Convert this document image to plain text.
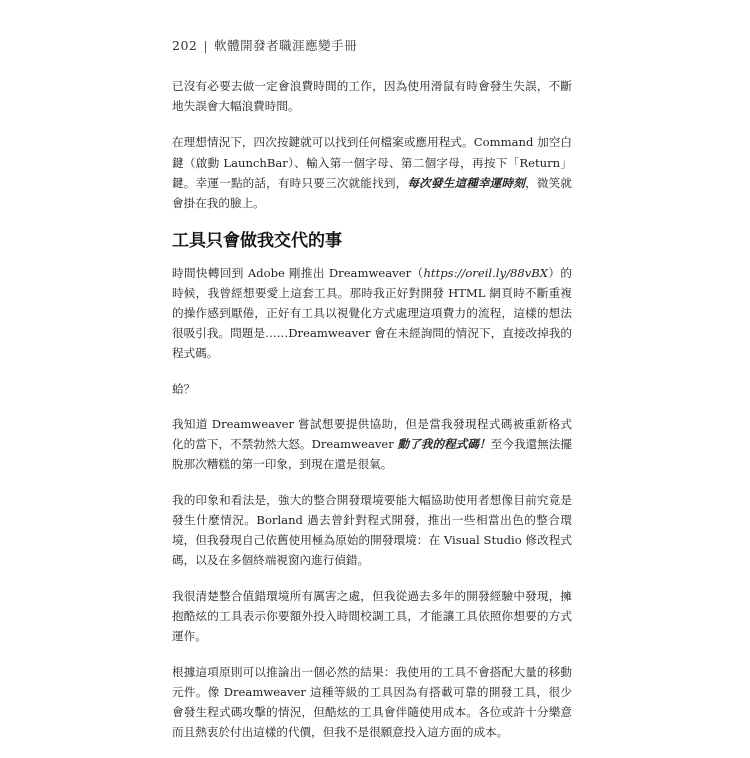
202 | 軟體開發者職涯應變手冊

已沒有必要去做一定會浪費時間的工作，因為使用滑鼠有時會發生失誤，不斷地失誤會大幅浪費時間。

在理想情況下，四次按鍵就可以找到任何檔案或應用程式。Command 加空白鍵（啟動 LaunchBar）、輸入第一個字母、第二個字母，再按下「Return」鍵。幸運一點的話，有時只要三次就能找到，每次發生這種幸運時刻，微笑就會掛在我的臉上。

工具只會做我交代的事

時間快轉回到 Adobe 剛推出 Dreamweaver（https://oreil.ly/88vBX）的時候，我曾經想要愛上這套工具。那時我正好對開發 HTML 網頁時不斷重複的操作感到厭倦，正好有工具以視覺化方式處理這項費力的流程，這樣的想法很吸引我。問題是……Dreamweaver 會在未經詢問的情況下，直接改掉我的程式碼。

蛤？

我知道 Dreamweaver 嘗試想要提供協助，但是當我發現程式碼被重新格式化的當下，不禁勃然大怒。Dreamweaver 動了我的程式碼！至今我還無法擺脫那次糟糕的第一印象，到現在還是很氣。

我的印象和看法是，強大的整合開發環境要能大幅協助使用者想像目前究竟是發生什麼情況。Borland 過去曾針對程式開發，推出一些相當出色的整合環境，但我發現自己依舊使用極為原始的開發環境：在 Visual Studio 修改程式碼，以及在多個終端視窗內進行偵錯。

我很清楚整合值錯環境所有厲害之處，但我從過去多年的開發經驗中發現，擁抱酷炫的工具表示你要額外投入時間校調工具，才能讓工具依照你想要的方式運作。

根據這項原則可以推論出一個必然的結果：我使用的工具不會搭配大量的移動元件。像 Dreamweaver 這種等級的工具因為有搭載可靠的開發工具，很少會發生程式碼攻擊的情況，但酷炫的工具會伴隨使用成本。各位或許十分樂意而且熱衷於付出這樣的代價，但我不是很願意投入這方面的成本。
